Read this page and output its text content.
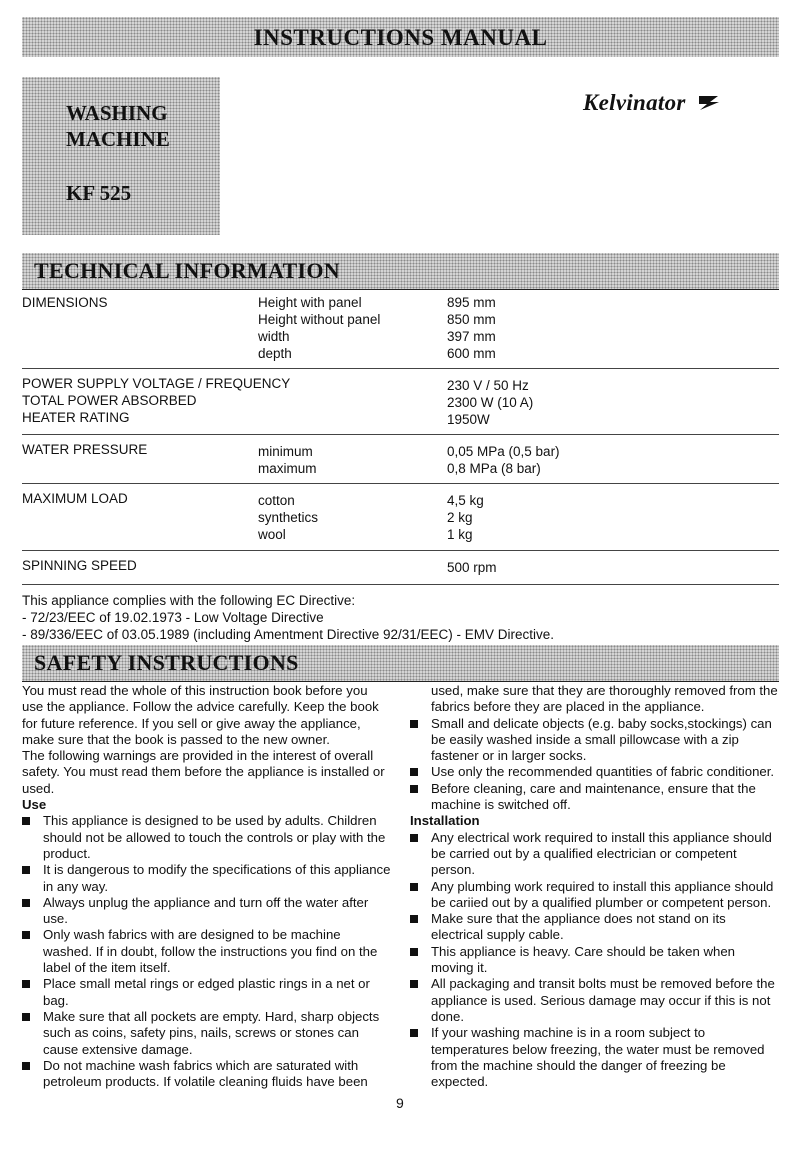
INSTRUCTIONS MANUAL
WASHING
MACHINE
KF 525
Kelvinator
TECHNICAL INFORMATION
DIMENSIONS	Height with panel	895 mm
Height without panel	850 mm
width	397 mm
depth	600 mm
POWER SUPPLY VOLTAGE / FREQUENCY	230 V / 50 Hz
TOTAL POWER ABSORBED	2300 W (10 A)
HEATER RATING	1950W
WATER PRESSURE	minimum	0,05 MPa (0,5 bar)
maximum	0,8 MPa (8 bar)
MAXIMUM LOAD	cotton	4,5 kg
synthetics	2 kg
wool	1 kg
SPINNING SPEED	500 rpm
This appliance complies with the following EC Directive:
- 72/23/EEC of 19.02.1973 - Low Voltage Directive
- 89/336/EEC of 03.05.1989 (including Amentment Directive 92/31/EEC) - EMV Directive.
SAFETY INSTRUCTIONS

You must read the whole of this instruction book before you use the appliance. Follow the advice carefully. Keep the book for future reference. If you sell or give away the appliance, make sure that the book is passed to the new owner.

The following warnings are provided in the interest of overall safety. You must read them before the appliance is installed or used.

Use

This appliance is designed to be used by adults. Children should not be allowed to touch the controls or play with the product.
It is dangerous to modify the specifications of this appliance in any way.
Always unplug the appliance and turn off the water after use.
Only wash fabrics with are designed to be machine washed. If in doubt, follow the instructions you find on the label of the item itself.
Place small metal rings or edged plastic rings in a net or bag.
Make sure that all pockets are empty. Hard, sharp objects such as coins, safety pins, nails, screws or stones can cause extensive damage.
Do not machine wash fabrics which are saturated with petroleum products. If volatile cleaning fluids have been

used, make sure that they are thoroughly removed from the fabrics before they are placed in the appliance.

Small and delicate objects (e.g. baby socks,stockings) can be easily washed inside a small pillowcase with a zip fastener or in larger socks.
Use only the recommended quantities of fabric conditioner.
Before cleaning, care and maintenance, ensure that the machine is switched off.

Installation

Any electrical work required to install this appliance should be carried out by a qualified electrician or competent person.
Any plumbing work required to install this appliance should be cariied out by a qualified plumber or competent person.
Make sure that the appliance does not stand on its electrical supply cable.
This appliance is heavy. Care should be taken when moving it.
All packaging and transit bolts must be removed before the appliance is used. Serious damage may occur if this is not done.
If your washing machine is in a room subject to temperatures below freezing, the water must be removed from the machine should the danger of freezing be expected.
9
